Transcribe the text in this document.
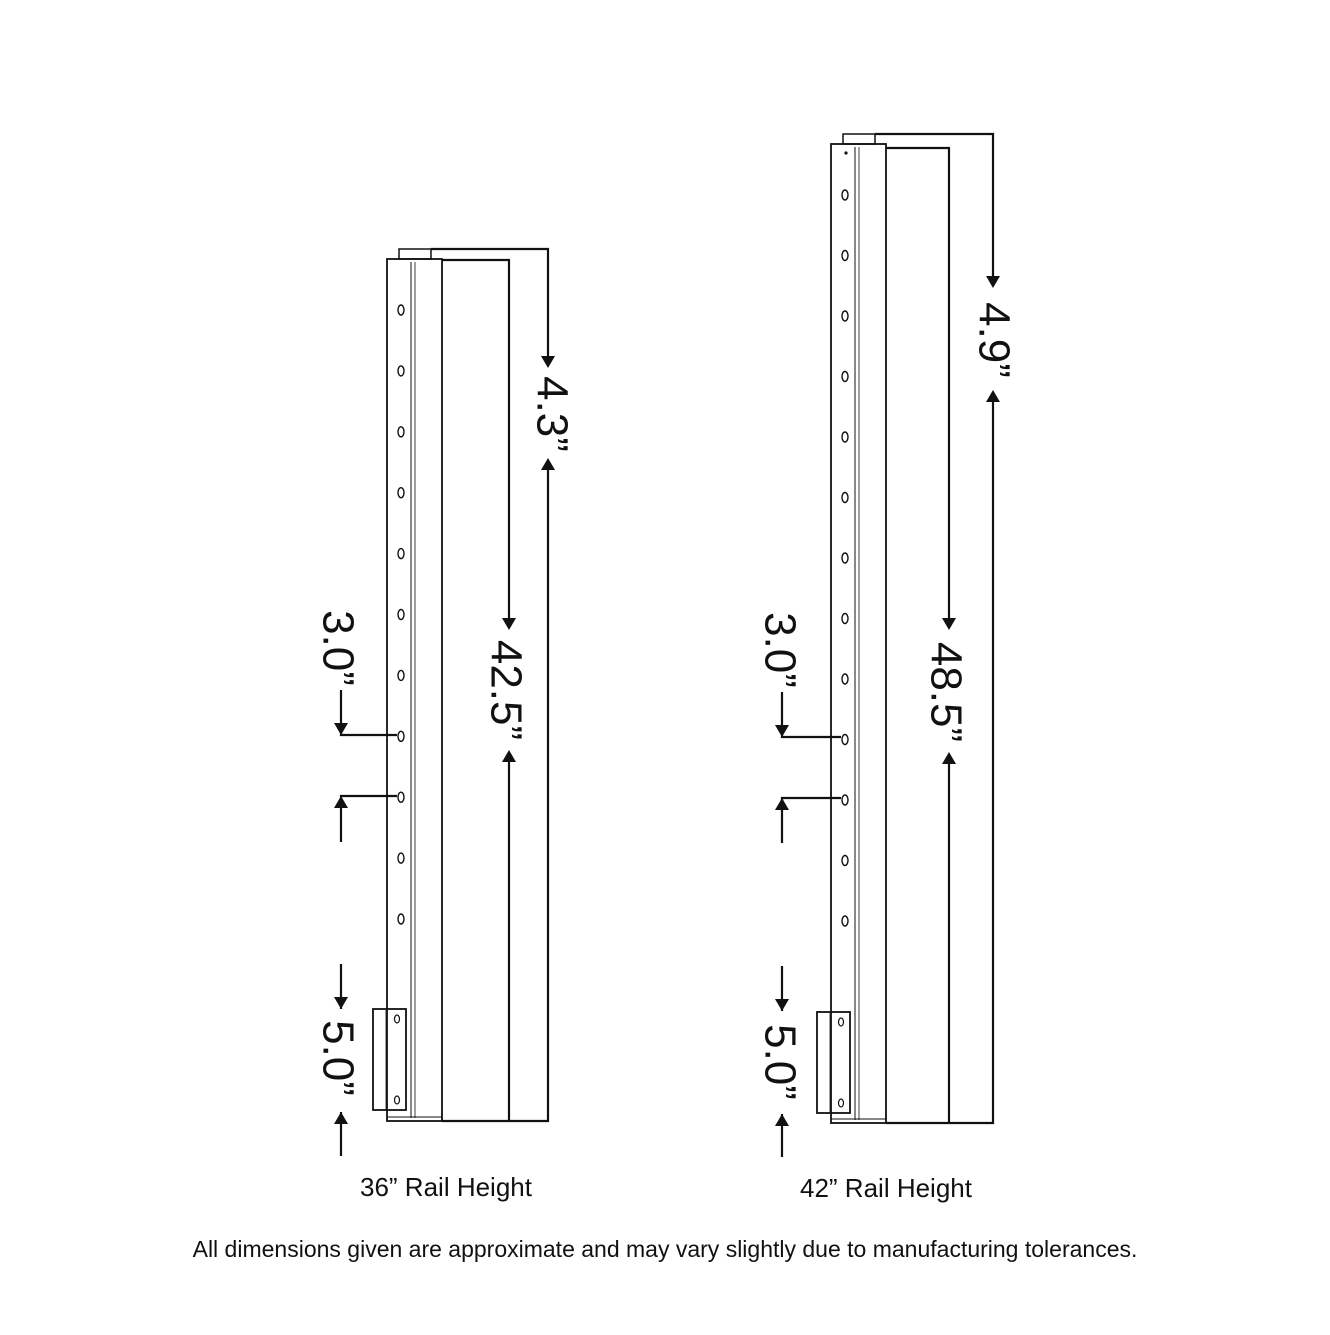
4.3”
42.5”
3.0”
5.0”
36” Rail Height
4.9”
48.5”
3.0”
5.0”
42” Rail Height
All dimensions given are approximate and may vary slightly due to manufacturing tolerances.
